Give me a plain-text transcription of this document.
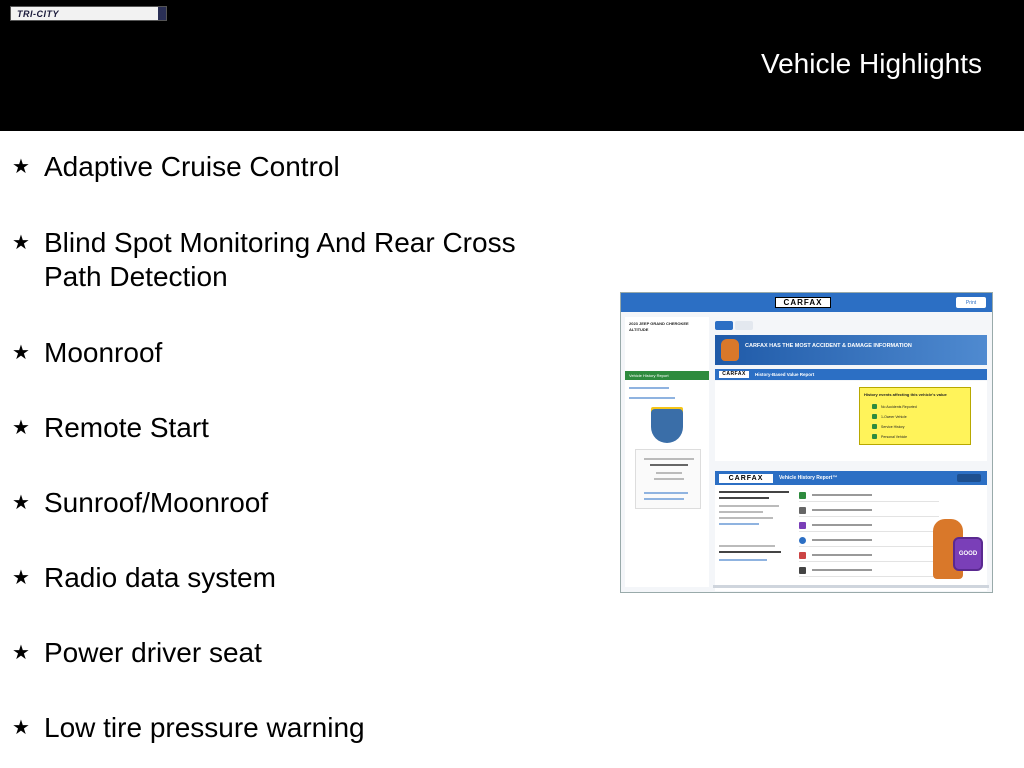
TRI-CITY
Vehicle Highlights
★ Adaptive Cruise Control
★ Blind Spot Monitoring And Rear Cross Path Detection
★ Moonroof
★ Remote Start
★ Sunroof/Moonroof
★ Radio data system
★ Power driver seat
★ Low tire pressure warning
CARFAX	Print
2023 JEEP GRAND CHEROKEE ALTITUDE
Vehicle History Report
CARFAX HAS THE MOST ACCIDENT & DAMAGE INFORMATION
CARFAX	History-Based Value Report
History events affecting this vehicle's value
No Accidents Reported
1-Owner Vehicle
Service History
Personal Vehicle
CARFAX	Vehicle History Report™
GOOD
